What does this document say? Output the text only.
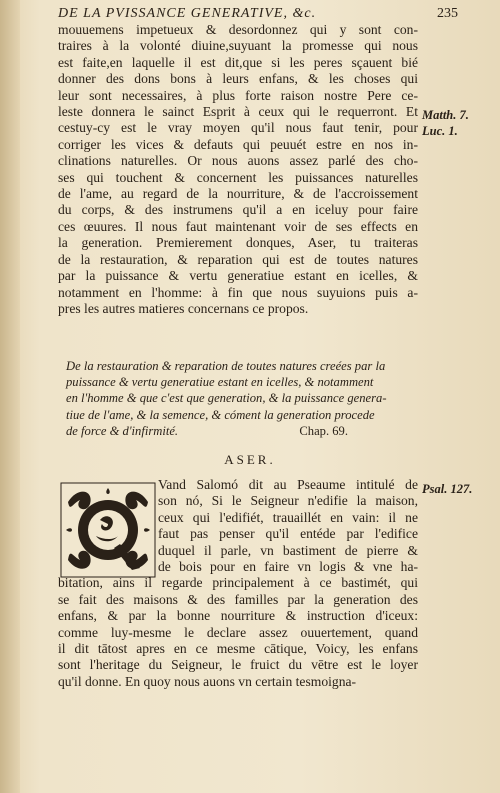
DE LA PVISSANCE GENERATIVE, &c.	235
mouuemens impetueux & desordonnez qui y sont con-
traires à la volonté diuine,suyuant la promesse qui nous
est faite,en laquelle il est dit,que si les peres sçauent bié
donner des dons bons à leurs enfans, & les choses qui
leur sont necessaires, à plus forte raison nostre Pere ce-
leste donnera le sainct Esprit à ceux qui le requerront. Et
cestuy-cy est le vray moyen qu'il nous faut tenir, pour
corriger les vices & defauts qui peuuét estre en nos in-
clinations naturelles. Or nous auons assez parlé des cho-
ses qui touchent & concernent les puissances naturelles
de l'ame, au regard de la nourriture, & de l'accroissement
du corps, & des instrumens qu'il a en iceluy pour faire
ces œuures. Il nous faut maintenant voir de ses effects en
la generation. Premierement donques, Aser, tu traiteras
de la restauration, & reparation qui est de toutes natures
par la puissance & vertu generatiue estant en icelles, &
notamment en l'homme: à fin que nous suyuions puis a-
pres les autres matieres concernans ce propos.
Matth. 7.
Luc. 1.
Psal. 127.
De la restauration & reparation de toutes natures creées par la
puissance & vertu generatiue estant en icelles, & notamment
en l'homme & que c'est que generation, & la puissance genera-
tiue de l'ame, & la semence, & cóment la generation procede
de force & d'infirmité.	Chap. 69.
ASER.
Vand Salomó dit au Pseaume intitulé de
son nó, Si le Seigneur n'edifie la maison,
ceux qui l'edifiét, trauaillét en vain: il ne
faut pas penser qu'il entéde par l'edifice
duquel il parle, vn bastiment de pierre &
de bois pour en faire vn logis & vne ha-
bitation, ains il regarde principalement à ce bastimét, qui
se fait des maisons & des familles par la generation des
enfans, & par la bonne nourriture & instruction d'iceux:
comme luy-mesme le declare assez ouuertement, quand
il dit tātost apres en ce mesme cātique, Voicy, les enfans
sont l'heritage du Seigneur, le fruict du vētre est le loyer
qu'il donne. En quoy nous auons vn certain tesmoigna-
